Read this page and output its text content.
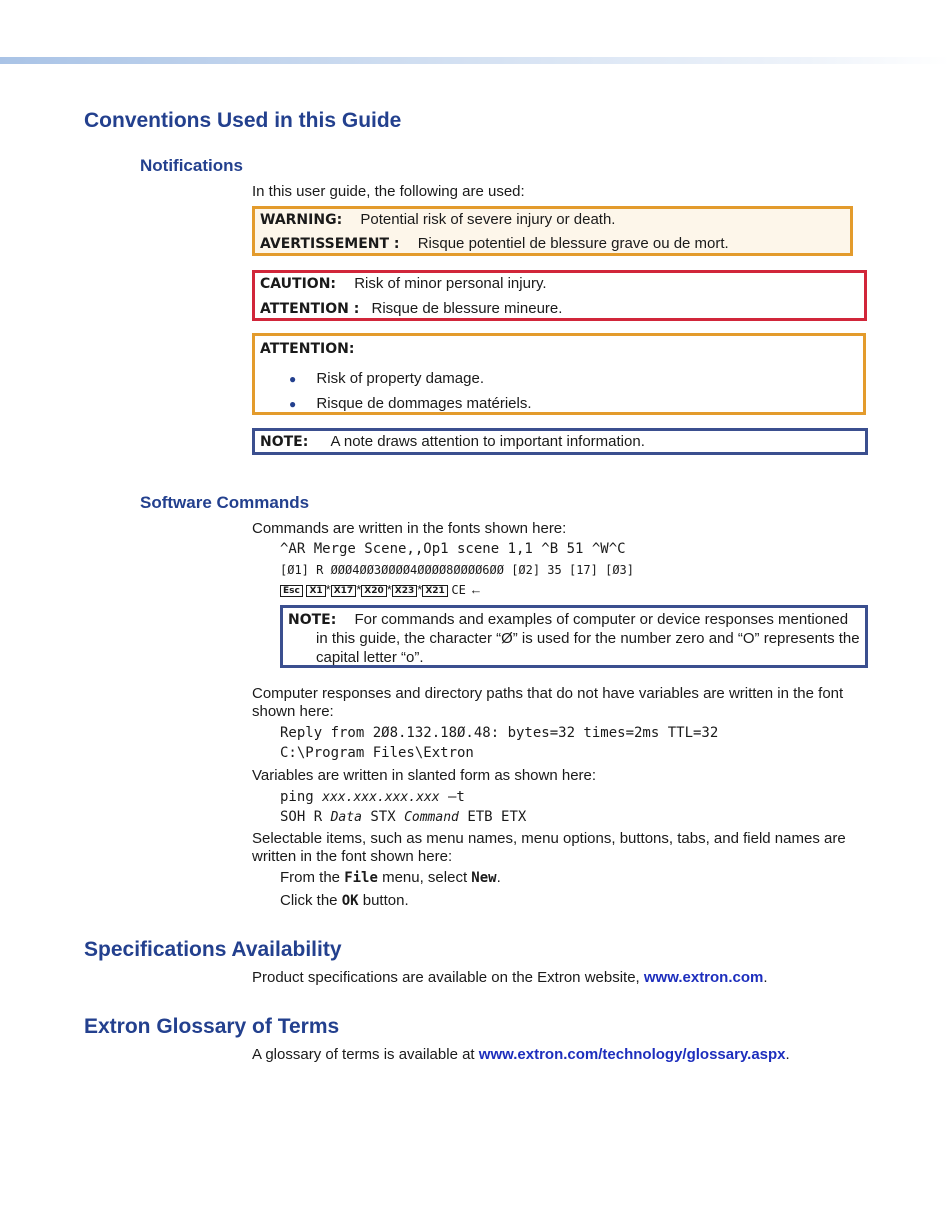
Conventions Used in this Guide
Notifications

In this user guide, the following are used:

WARNING: Potential risk of severe injury or death.
AVERTISSEMENT : Risque potentiel de blessure grave ou de mort.
CAUTION: Risk of minor personal injury.
ATTENTION : Risque de blessure mineure.
ATTENTION:
● Risk of property damage.
● Risque de dommages matériels.
NOTE: A note draws attention to important information.
Software Commands

Commands are written in the fonts shown here:

^AR Merge Scene,,Op1 scene 1,1 ^B 51 ^W^C

[Ø1] R ØØØ4ØØ3ØØØØ4ØØØØ8ØØØØ6ØØ [Ø2] 35 [17] [Ø3]

Esc X1 * X17 * X20 * X23 * X21 CE ←
NOTE: For commands and examples of computer or device responses mentioned
in this guide, the character “Ø” is used for the number zero and “O” represents the
capital letter “o”.

Computer responses and directory paths that do not have variables are written in the font
shown here:

Reply from 2Ø8.132.18Ø.48: bytes=32 times=2ms TTL=32

C:\Program Files\Extron

Variables are written in slanted form as shown here:

ping xxx.xxx.xxx.xxx —t

SOH R Data STX Command ETB ETX

Selectable items, such as menu names, menu options, buttons, tabs, and field names are
written in the font shown here:

From the File menu, select New.

Click the OK button.

Specifications Availability

Product specifications are available on the Extron website, www.extron.com.

Extron Glossary of Terms

A glossary of terms is available at www.extron.com/technology/glossary.aspx.
